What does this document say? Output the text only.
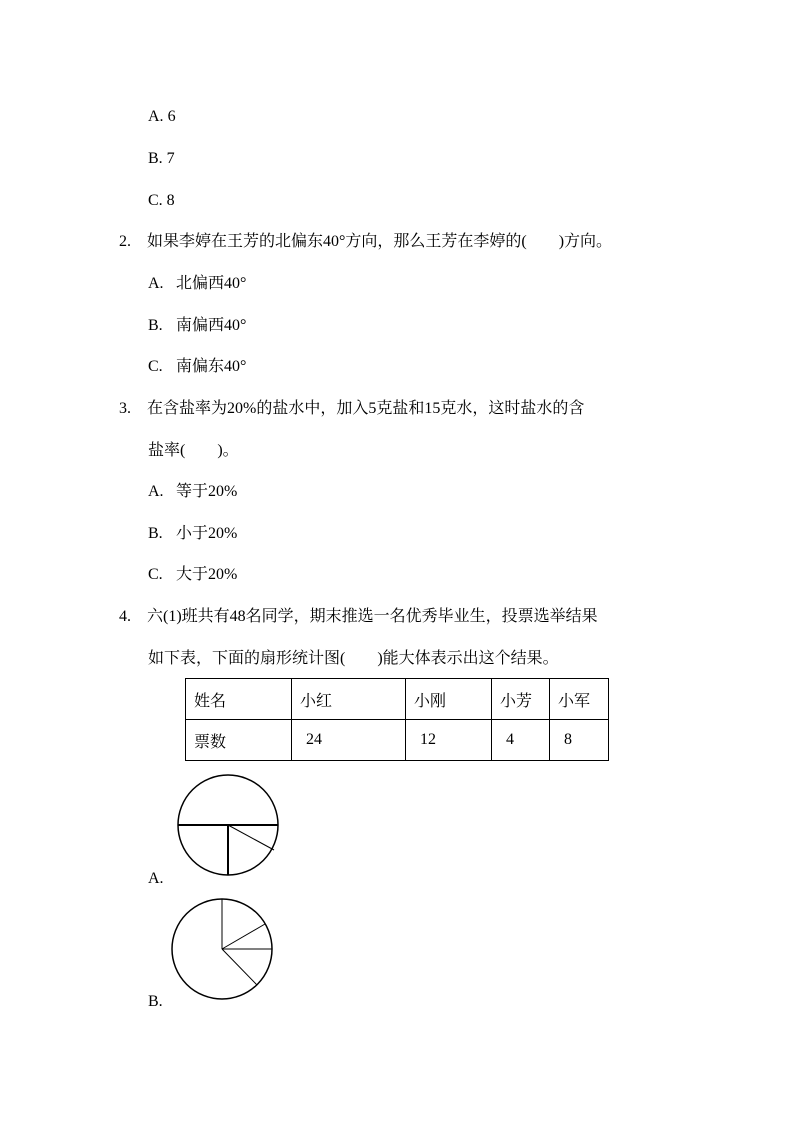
A. 6
B. 7
C. 8
2. 如果李婷在王芳的北偏东40°方向，那么王芳在李婷的(　　)方向。
A. 北偏西40°
B. 南偏西40°
C. 南偏东40°
3. 在含盐率为20%的盐水中，加入5克盐和15克水，这时盐水的含
盐率(　　)。
A. 等于20%
B. 小于20%
C. 大于20%
4. 六(1)班共有48名同学，期末推选一名优秀毕业生，投票选举结果
如下表，下面的扇形统计图(　　)能大体表示出这个结果。
姓名	小红	小刚	小芳	小军

票数	24	12	4	8
A.
B.
